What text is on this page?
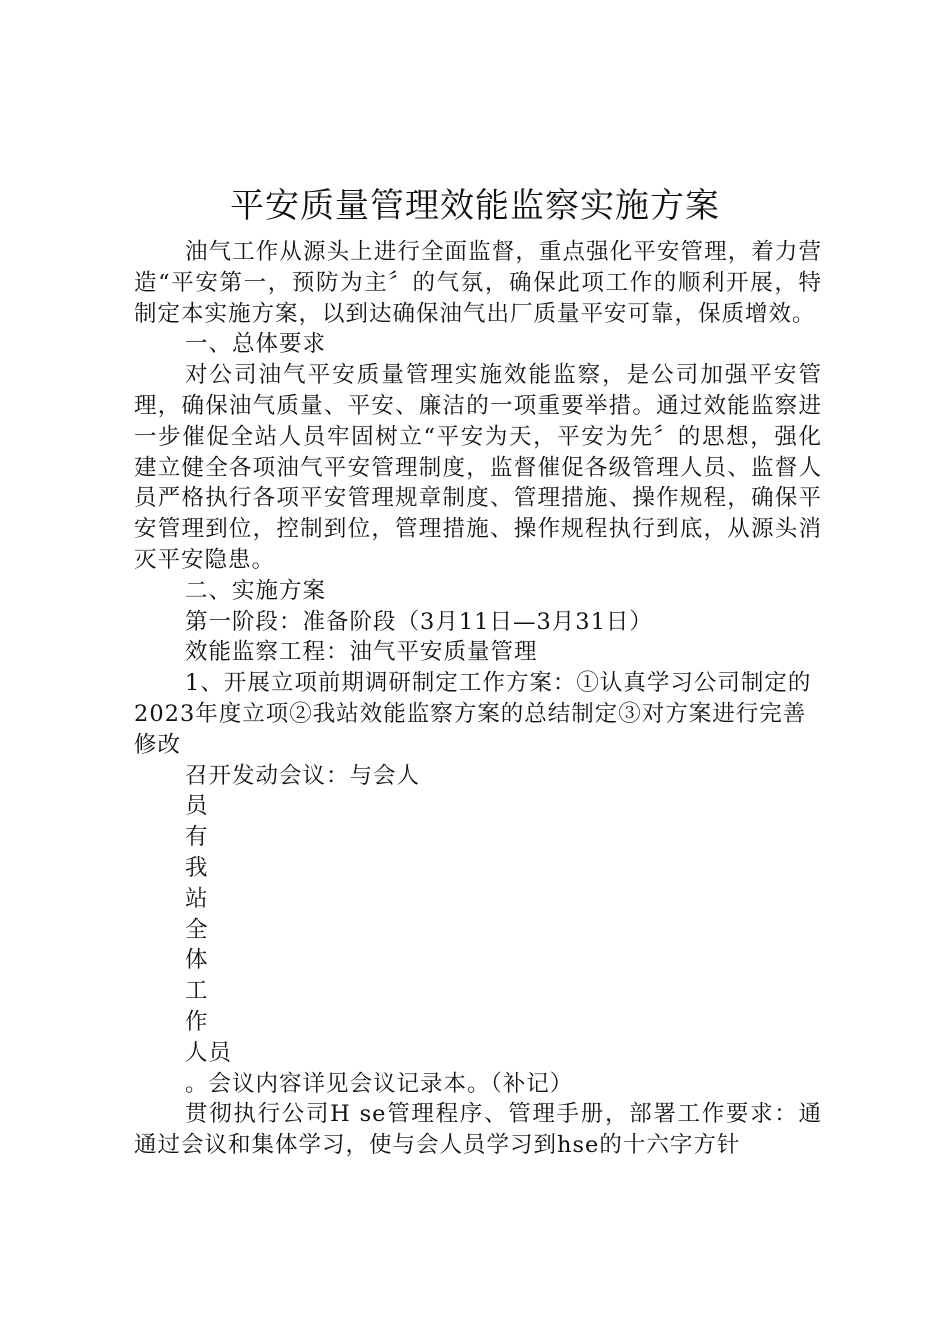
平安质量管理效能监察实施方案

油气工作从源头上进行全面监督，重点强化平安管理，着力营造“平安第一，预防为主〞的气氛，确保此项工作的顺利开展，特制定本实施方案，以到达确保油气出厂质量平安可靠，保质增效。

一、总体要求

对公司油气平安质量管理实施效能监察，是公司加强平安管理，确保油气质量、平安、廉洁的一项重要举措。通过效能监察进一步催促全站人员牢固树立“平安为天，平安为先〞的思想，强化建立健全各项油气平安管理制度，监督催促各级管理人员、监督人员严格执行各项平安管理规章制度、管理措施、操作规程，确保平安管理到位，控制到位，管理措施、操作规程执行到底，从源头消灭平安隐患。

二、实施方案

第一阶段：准备阶段（3月11日—3月31日）

效能监察工程：油气平安质量管理

1、开展立项前期调研制定工作方案：①认真学习公司制定的2023年度立项②我站效能监察方案的总结制定③对方案进行完善修改

召开发动会议：与会人

员

有

我

站

全

体

工

作

人员

。会议内容详见会议记录本。（补记）

贯彻执行公司H se管理程序、管理手册，部署工作要求：通通过会议和集体学习，使与会人员学习到hse的十六字方针
